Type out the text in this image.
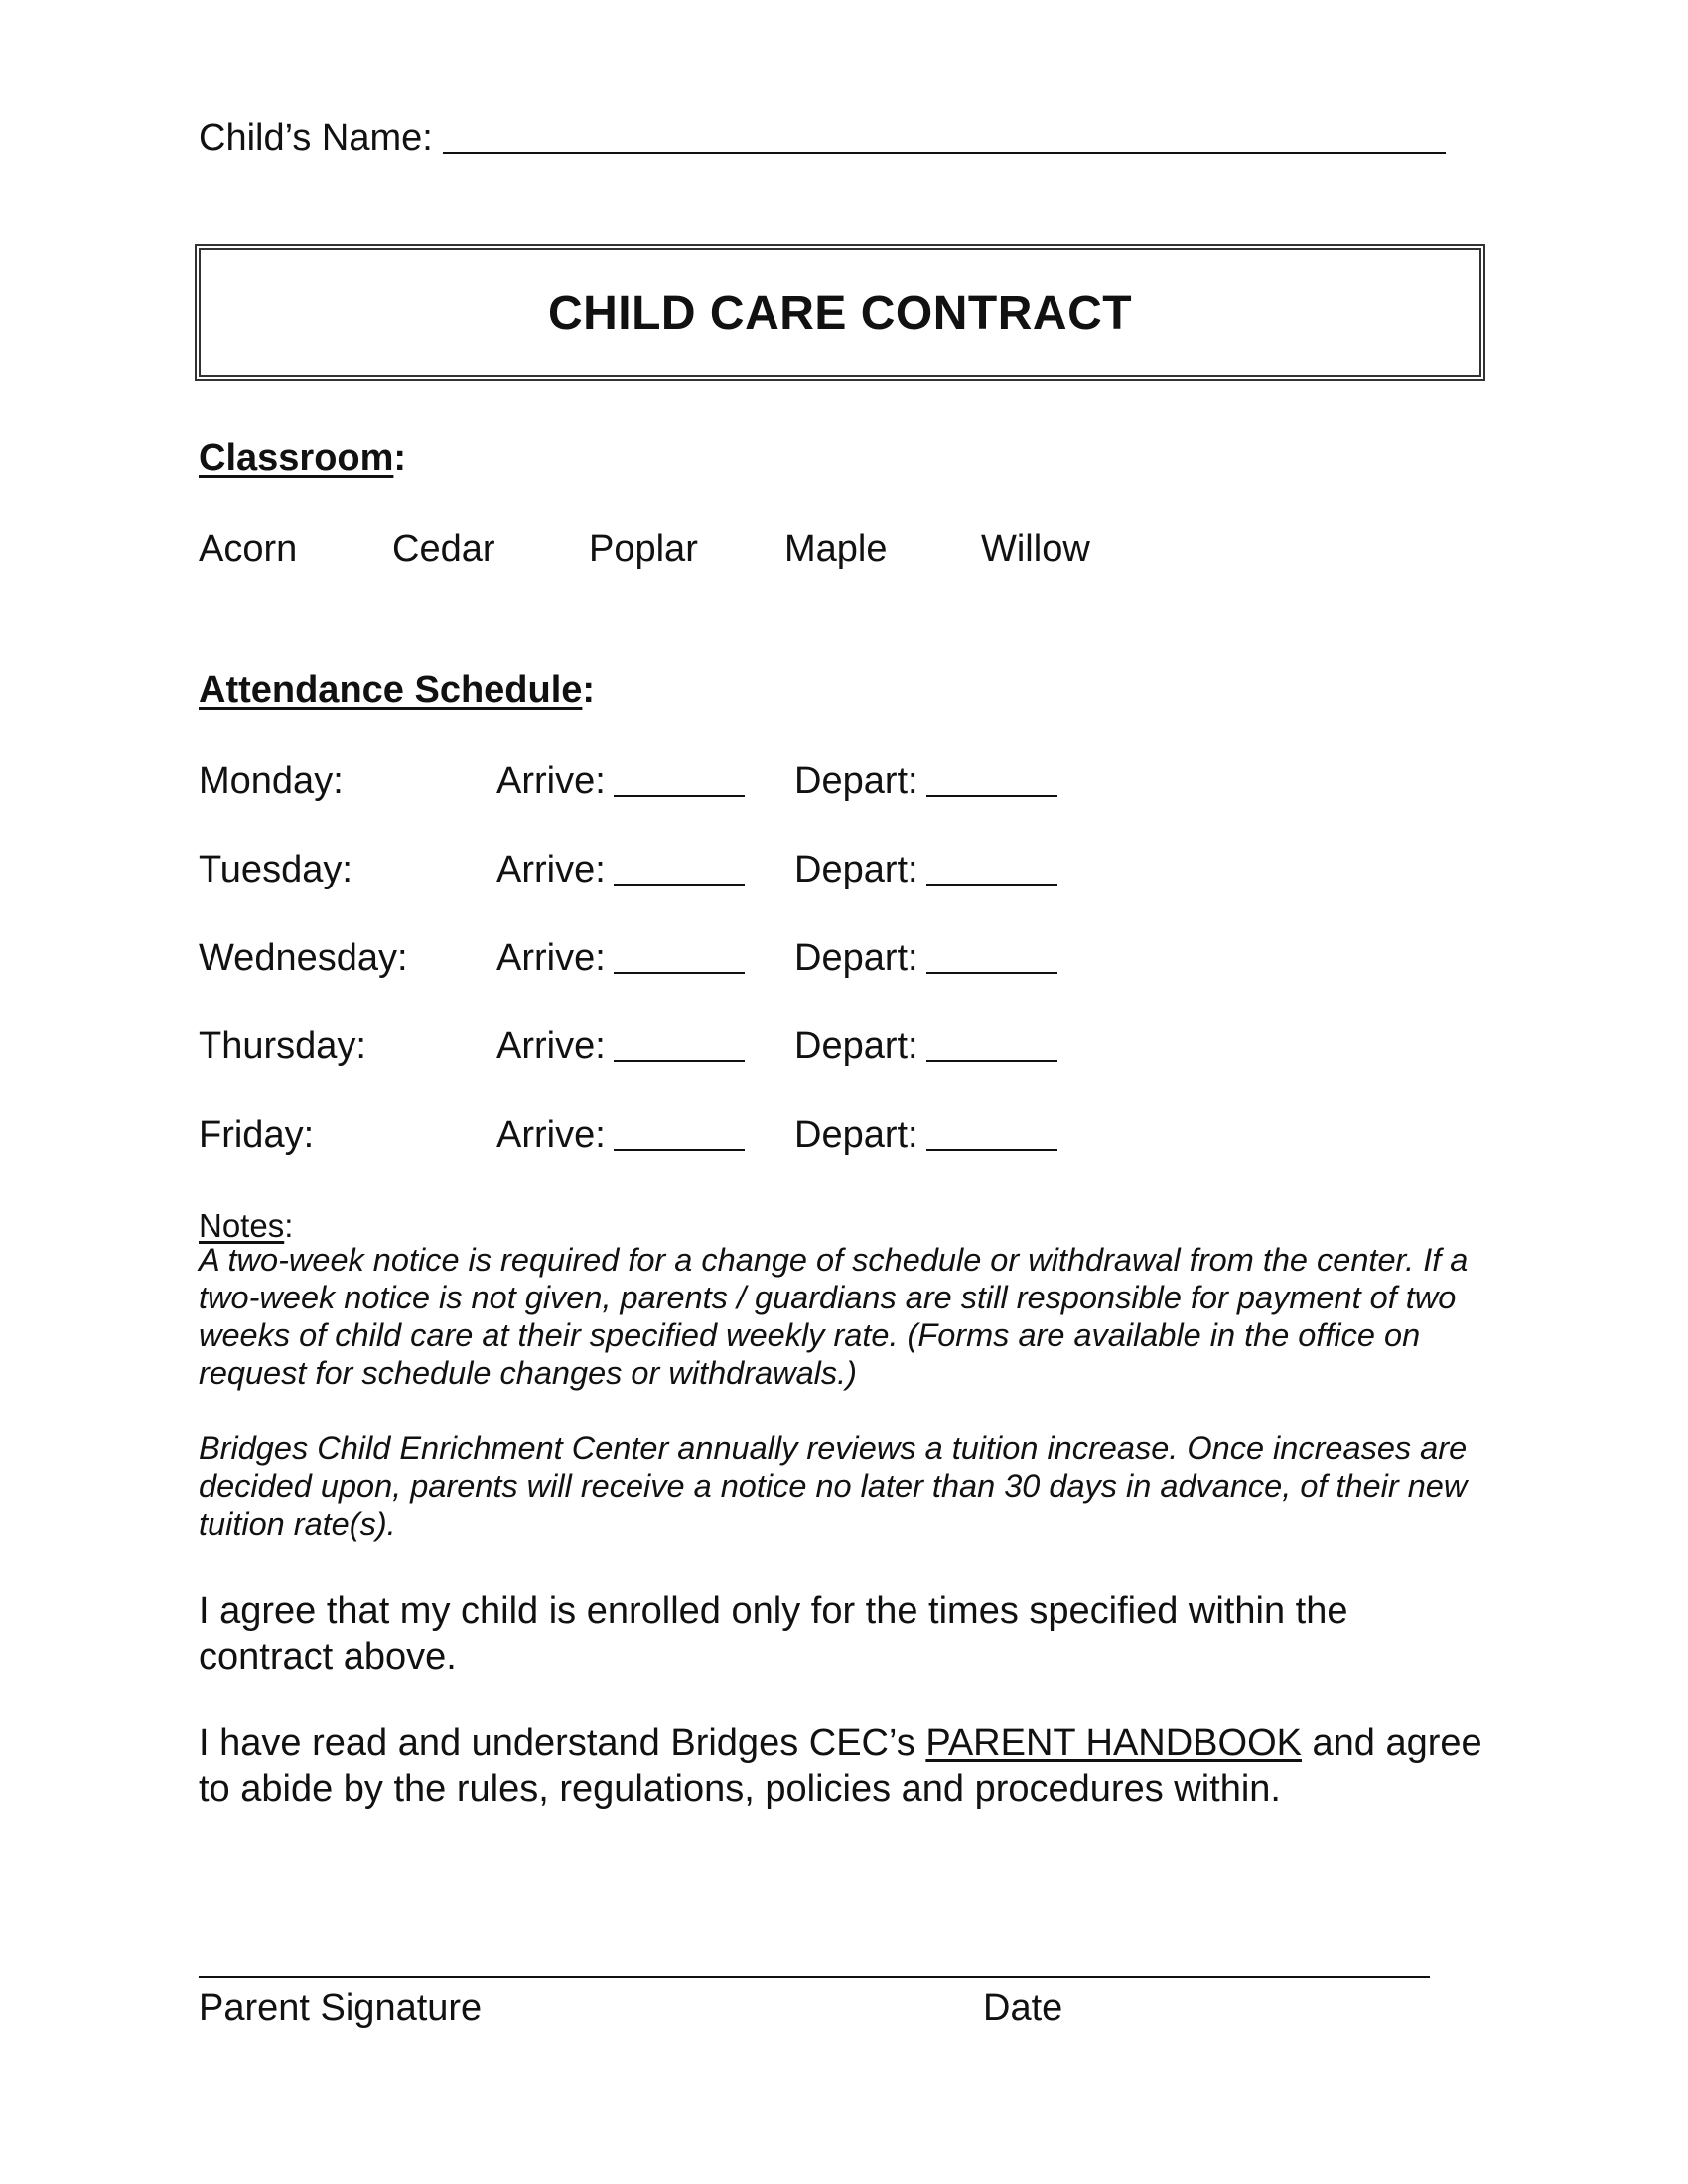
Child’s Name:
CHILD CARE CONTRACT
Classroom:
Acorn	Cedar Poplar Maple Willow
Attendance Schedule:
Monday:	Arrive:	Depart:
Tuesday:	Arrive:	Depart:
Wednesday: Arrive:	Depart:
Thursday:	Arrive:	Depart:
Friday:	Arrive:	Depart:
Notes:
A two-week notice is required for a change of schedule or withdrawal from the center. If a two-week notice is not given, parents / guardians are still responsible for payment of two weeks of child care at their specified weekly rate. (Forms are available in the office on request for schedule changes or withdrawals.)
Bridges Child Enrichment Center annually reviews a tuition increase. Once increases are decided upon, parents will receive a notice no later than 30 days in advance, of their new tuition rate(s).
I agree that my child is enrolled only for the times specified within the contract above.
I have read and understand Bridges CEC’s PARENT HANDBOOK and agree to abide by the rules, regulations, policies and procedures within.
Parent Signature	Date
